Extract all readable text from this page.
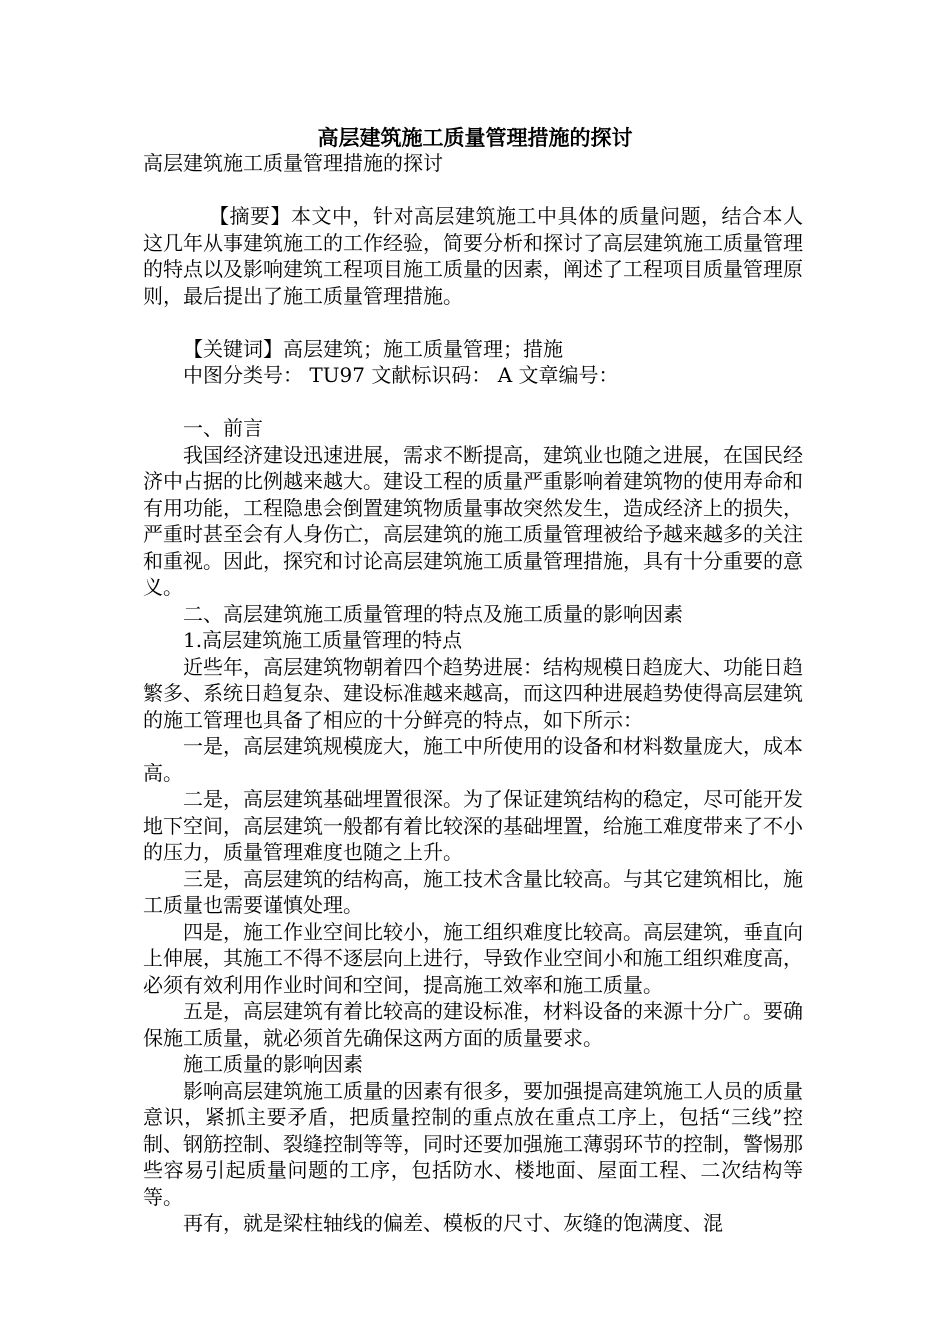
高层建筑施工质量管理措施的探讨

高层建筑施工质量管理措施的探讨

【摘要】本文中，针对高层建筑施工中具体的质量问题，结合本人这几年从事建筑施工的工作经验，简要分析和探讨了高层建筑施工质量管理的特点以及影响建筑工程项目施工质量的因素，阐述了工程项目质量管理原则，最后提出了施工质量管理措施。

【关键词】高层建筑；施工质量管理；措施

中图分类号： TU97 文献标识码： A 文章编号：

一、前言

我国经济建设迅速进展，需求不断提高，建筑业也随之进展，在国民经济中占据的比例越来越大。建设工程的质量严重影响着建筑物的使用寿命和有用功能，工程隐患会倒置建筑物质量事故突然发生，造成经济上的损失，严重时甚至会有人身伤亡，高层建筑的施工质量管理被给予越来越多的关注和重视。因此，探究和讨论高层建筑施工质量管理措施，具有十分重要的意义。

二、高层建筑施工质量管理的特点及施工质量的影响因素

1.高层建筑施工质量管理的特点

近些年，高层建筑物朝着四个趋势进展：结构规模日趋庞大、功能日趋繁多、系统日趋复杂、建设标准越来越高，而这四种进展趋势使得高层建筑的施工管理也具备了相应的十分鲜亮的特点，如下所示：

一是，高层建筑规模庞大，施工中所使用的设备和材料数量庞大，成本高。

二是，高层建筑基础埋置很深。为了保证建筑结构的稳定，尽可能开发地下空间，高层建筑一般都有着比较深的基础埋置，给施工难度带来了不小的压力，质量管理难度也随之上升。

三是，高层建筑的结构高，施工技术含量比较高。与其它建筑相比，施工质量也需要谨慎处理。

四是，施工作业空间比较小，施工组织难度比较高。高层建筑，垂直向上伸展，其施工不得不逐层向上进行，导致作业空间小和施工组织难度高，必须有效利用作业时间和空间，提高施工效率和施工质量。

五是，高层建筑有着比较高的建设标准，材料设备的来源十分广。要确保施工质量，就必须首先确保这两方面的质量要求。

施工质量的影响因素

影响高层建筑施工质量的因素有很多，要加强提高建筑施工人员的质量意识，紧抓主要矛盾，把质量控制的重点放在重点工序上，包括“三线”控制、钢筋控制、裂缝控制等等，同时还要加强施工薄弱环节的控制，警惕那些容易引起质量问题的工序，包括防水、楼地面、屋面工程、二次结构等等。

再有，就是梁柱轴线的偏差、模板的尺寸、灰缝的饱满度、混
